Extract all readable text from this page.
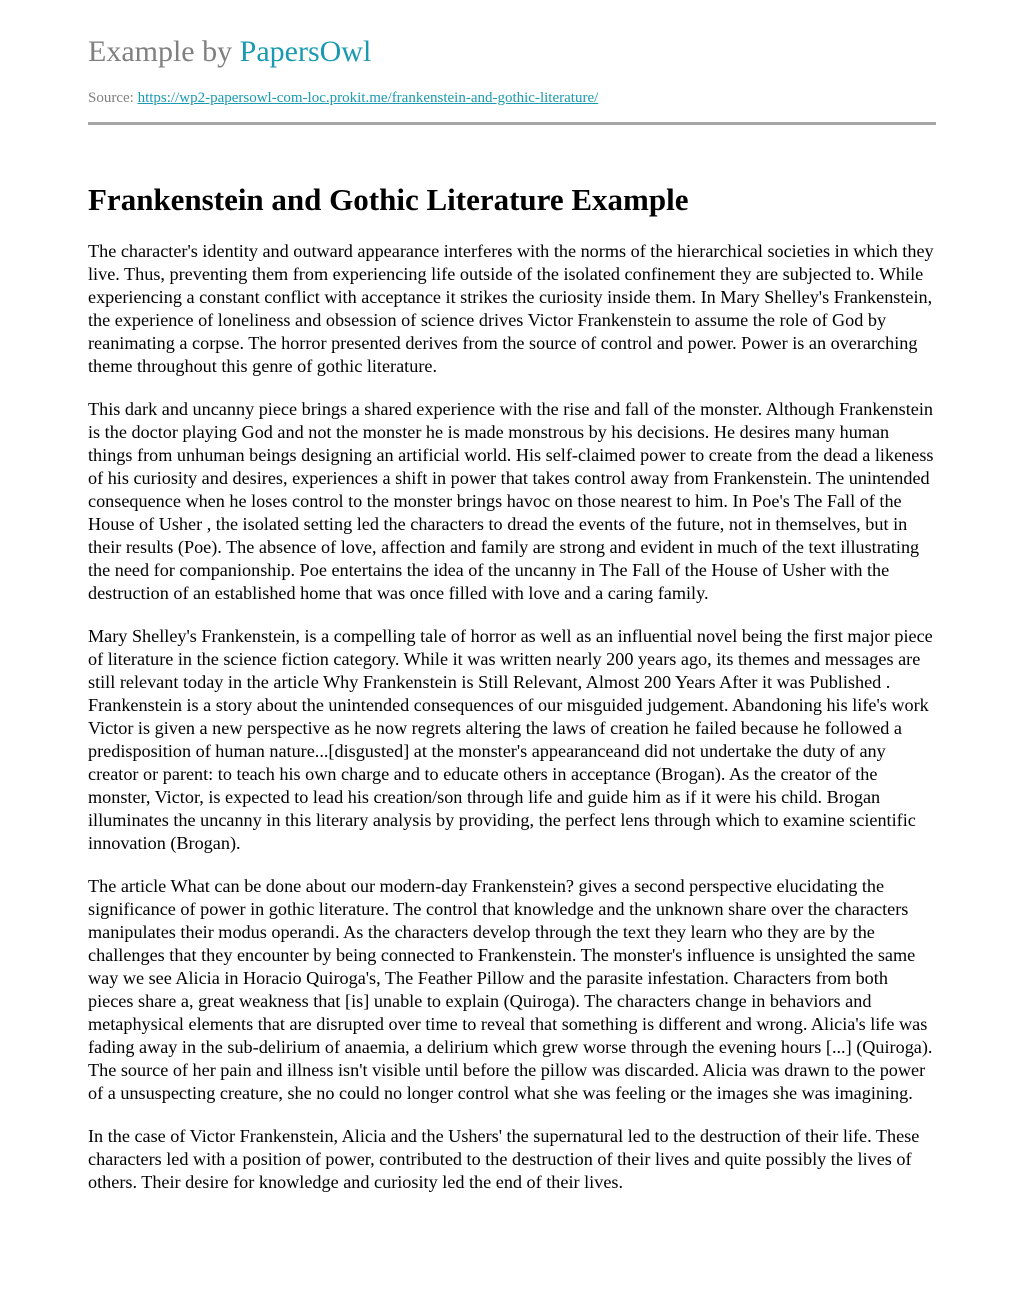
Example by PapersOwl
Source: https://wp2-papersowl-com-loc.prokit.me/frankenstein-and-gothic-literature/
Frankenstein and Gothic Literature Example

The character's identity and outward appearance interferes with the norms of the hierarchical societies in which they live. Thus, preventing them from experiencing life outside of the isolated confinement they are subjected to. While experiencing a constant conflict with acceptance it strikes the curiosity inside them. In Mary Shelley's Frankenstein, the experience of loneliness and obsession of science drives Victor Frankenstein to assume the role of God by reanimating a corpse. The horror presented derives from the source of control and power. Power is an overarching theme throughout this genre of gothic literature.

This dark and uncanny piece brings a shared experience with the rise and fall of the monster. Although Frankenstein is the doctor playing God and not the monster he is made monstrous by his decisions. He desires many human things from unhuman beings designing an artificial world. His self-claimed power to create from the dead a likeness of his curiosity and desires, experiences a shift in power that takes control away from Frankenstein. The unintended consequence when he loses control to the monster brings havoc on those nearest to him. In Poe's The Fall of the House of Usher , the isolated setting led the characters to dread the events of the future, not in themselves, but in their results (Poe). The absence of love, affection and family are strong and evident in much of the text illustrating the need for companionship. Poe entertains the idea of the uncanny in The Fall of the House of Usher with the destruction of an established home that was once filled with love and a caring family.

Mary Shelley's Frankenstein, is a compelling tale of horror as well as an influential novel being the first major piece of literature in the science fiction category. While it was written nearly 200 years ago, its themes and messages are still relevant today in the article Why Frankenstein is Still Relevant, Almost 200 Years After it was Published . Frankenstein is a story about the unintended consequences of our misguided judgement. Abandoning his life's work Victor is given a new perspective as he now regrets altering the laws of creation he failed because he followed a predisposition of human nature...[disgusted] at the monster's appearanceand did not undertake the duty of any creator or parent: to teach his own charge and to educate others in acceptance (Brogan). As the creator of the monster, Victor, is expected to lead his creation/son through life and guide him as if it were his child. Brogan illuminates the uncanny in this literary analysis by providing, the perfect lens through which to examine scientific innovation (Brogan).

The article What can be done about our modern-day Frankenstein? gives a second perspective elucidating the significance of power in gothic literature. The control that knowledge and the unknown share over the characters manipulates their modus operandi. As the characters develop through the text they learn who they are by the challenges that they encounter by being connected to Frankenstein. The monster's influence is unsighted the same way we see Alicia in Horacio Quiroga's, The Feather Pillow and the parasite infestation. Characters from both pieces share a, great weakness that [is] unable to explain (Quiroga). The characters change in behaviors and metaphysical elements that are disrupted over time to reveal that something is different and wrong. Alicia's life was fading away in the sub-delirium of anaemia, a delirium which grew worse through the evening hours [...] (Quiroga). The source of her pain and illness isn't visible until before the pillow was discarded. Alicia was drawn to the power of a unsuspecting creature, she no could no longer control what she was feeling or the images she was imagining.

In the case of Victor Frankenstein, Alicia and the Ushers' the supernatural led to the destruction of their life. These characters led with a position of power, contributed to the destruction of their lives and quite possibly the lives of others. Their desire for knowledge and curiosity led the end of their lives.
